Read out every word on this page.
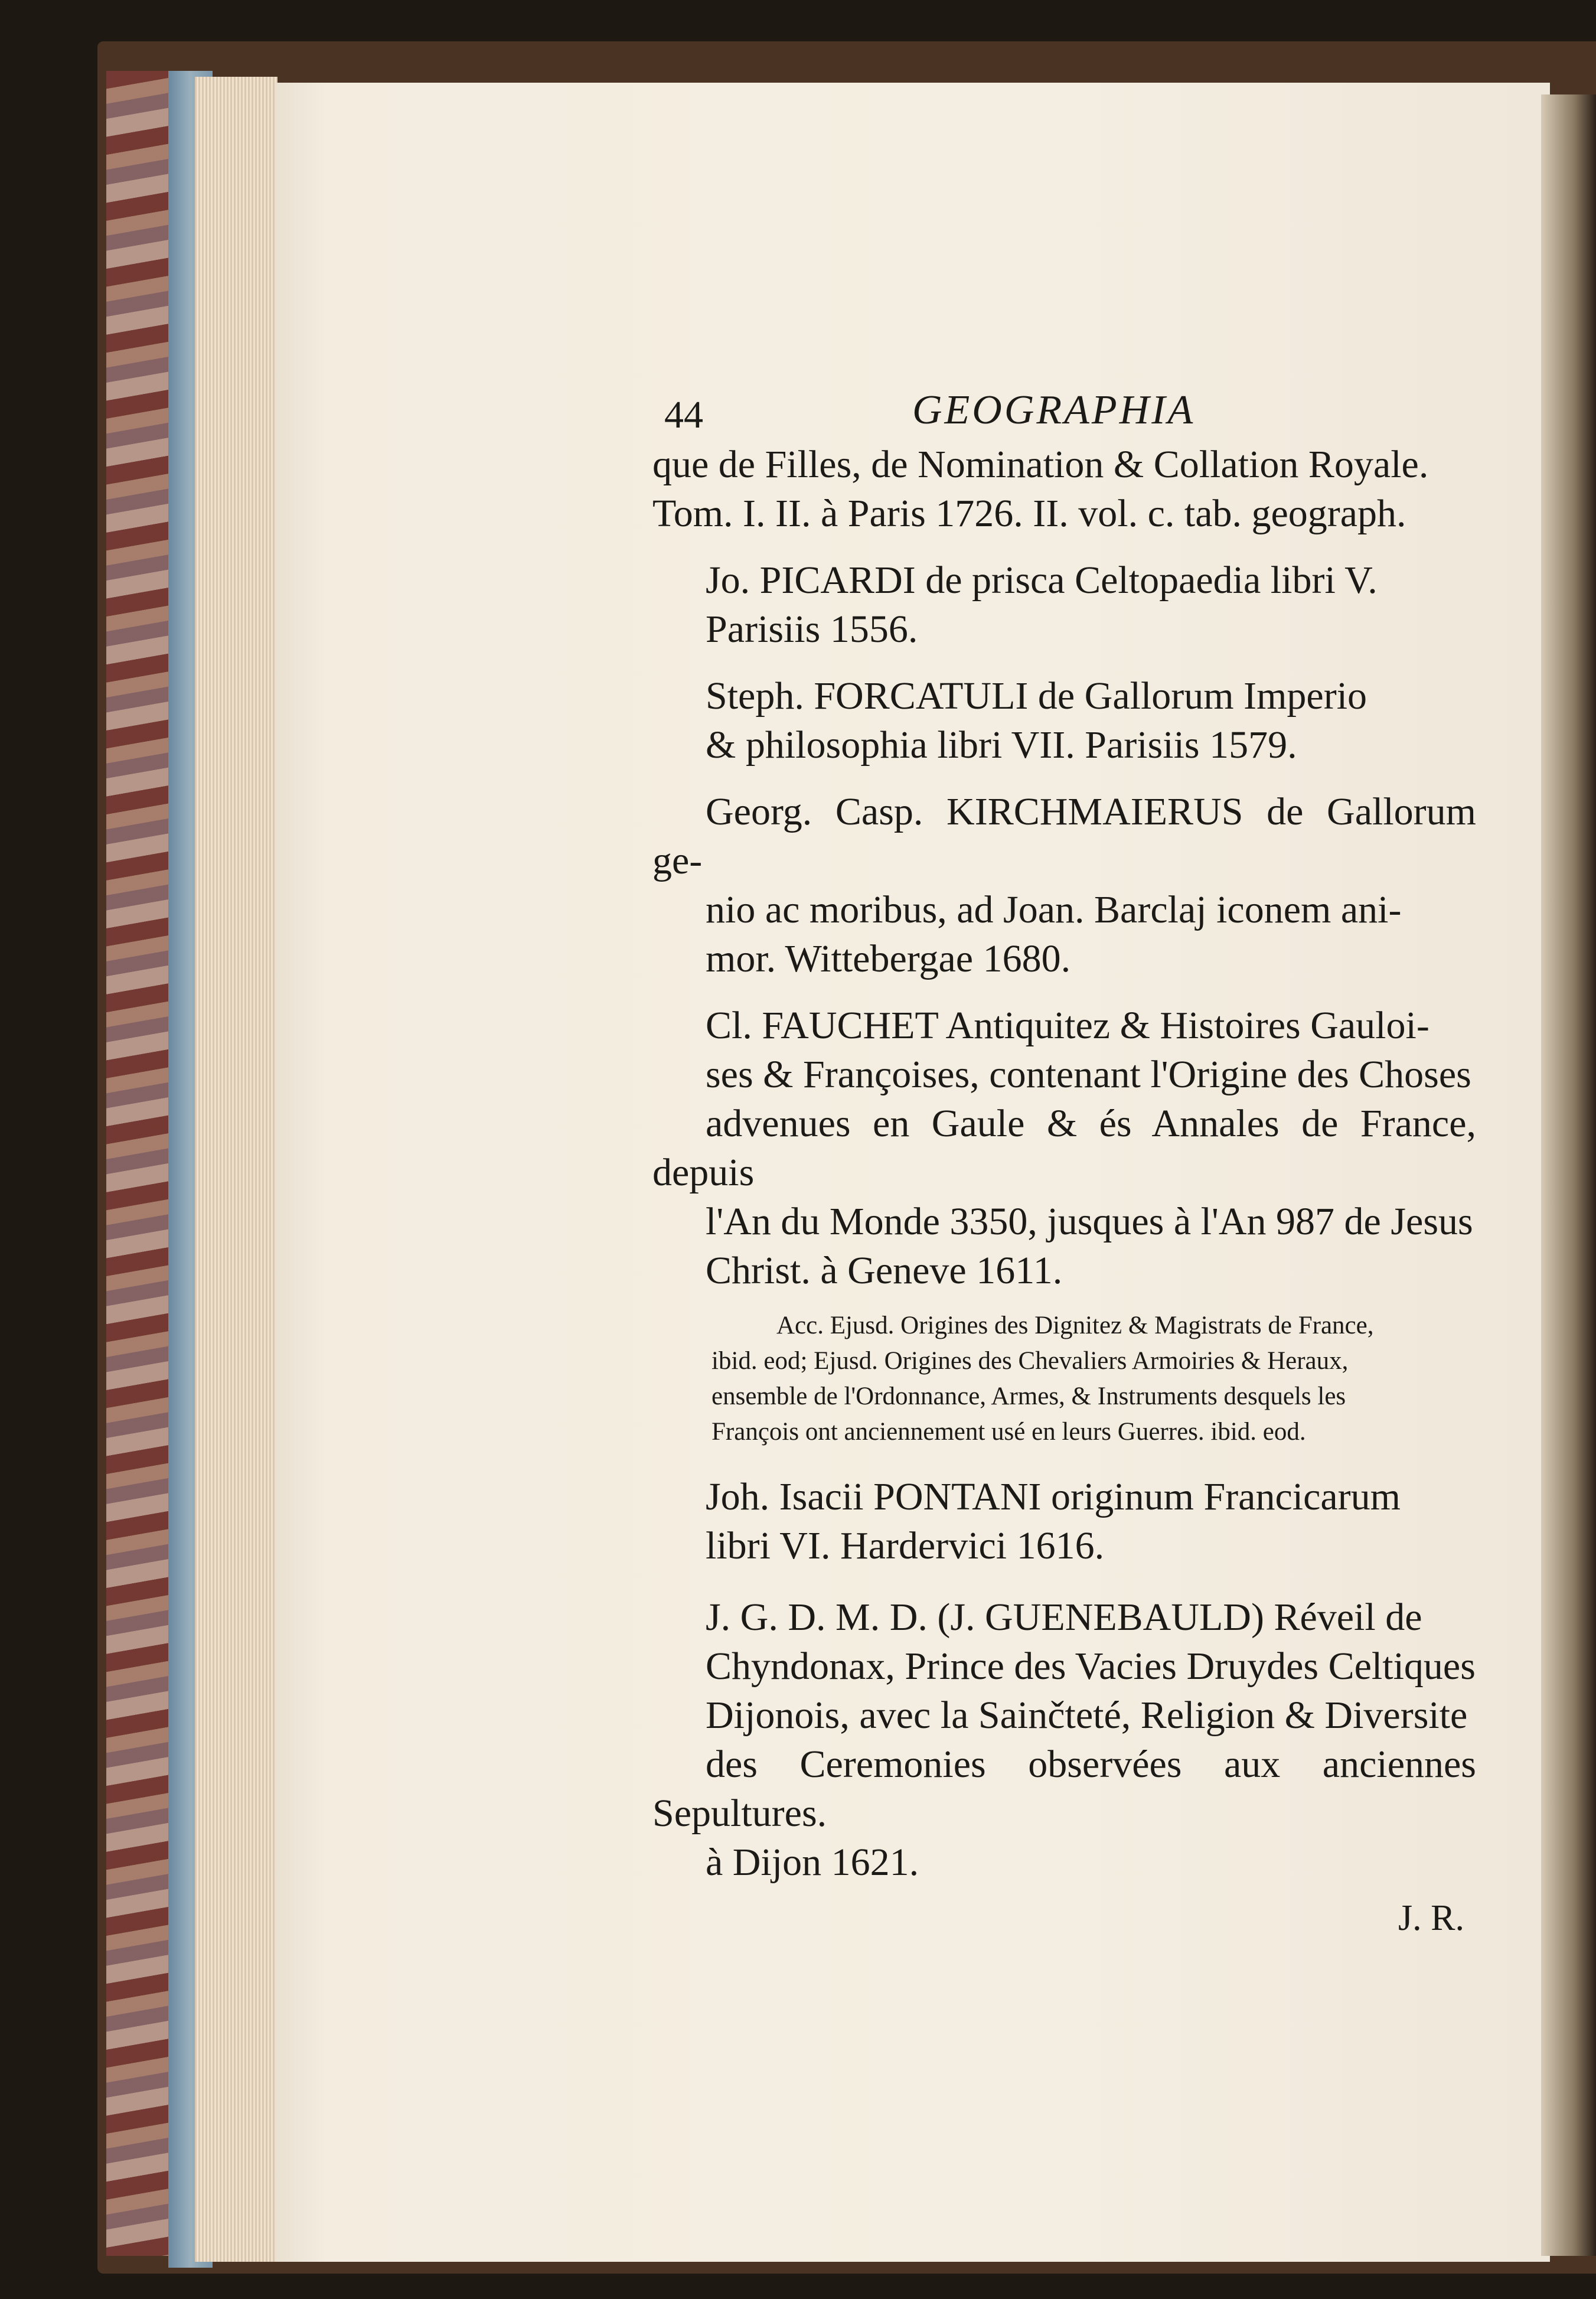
44	GEOGRAPHIA

que de Filles, de Nomination & Collation Royale.
Tom. I. II. à Paris 1726. II. vol. c. tab. geograph.

Jo. PICARDI de prisca Celtopaedia libri V.
Parisiis 1556.

Steph. FORCATULI de Gallorum Imperio
& philosophia libri VII. Parisiis 1579.

Georg. Casp. KIRCHMAIERUS de Gallorum ge-
nio ac moribus, ad Joan. Barclaj iconem ani-
mor. Wittebergae 1680.

Cl. FAUCHET Antiquitez & Histoires Gauloi-
ses & Françoises, contenant l'Origine des Choses
advenues en Gaule & és Annales de France, depuis
l'An du Monde 3350, jusques à l'An 987 de Jesus
Christ. à Geneve 1611.

Acc. Ejusd. Origines des Dignitez & Magistrats de France,
ibid. eod; Ejusd. Origines des Chevaliers Armoiries & Heraux,
ensemble de l'Ordonnance, Armes, & Instruments desquels les
François ont anciennement usé en leurs Guerres. ibid. eod.

Joh. Isacii PONTANI originum Francicarum
libri VI. Hardervici 1616.

J. G. D. M. D. (J. GUENEBAULD) Réveil de
Chyndonax, Prince des Vacies Druydes Celtiques
Dijonois, avec la Sainčteté, Religion & Diversite
des Ceremonies observées aux anciennes Sepultures.
à Dijon 1621.

J. R.
